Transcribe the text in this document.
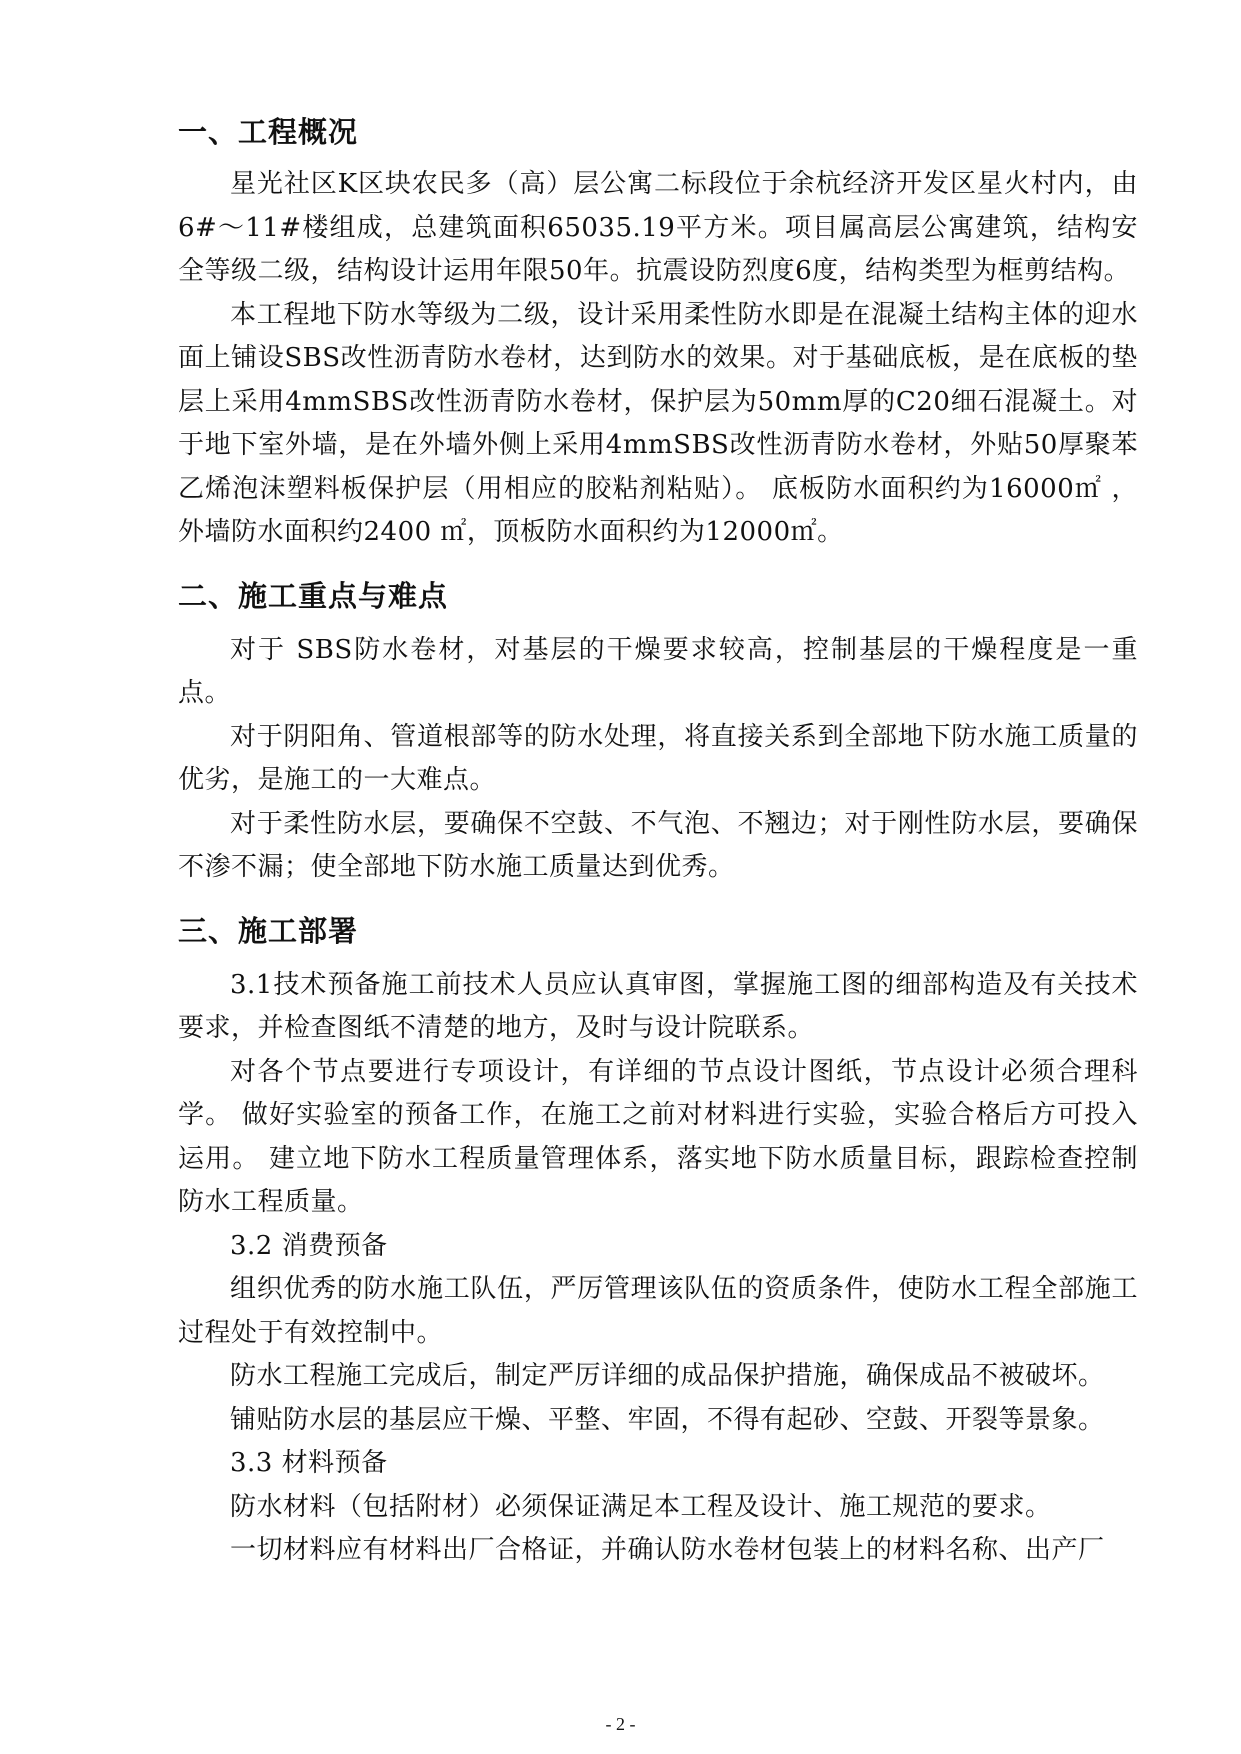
一、工程概况

星光社区K区块农民多（高）层公寓二标段位于余杭经济开发区星火村内，由6#～11#楼组成，总建筑面积65035.19平方米。项目属高层公寓建筑，结构安全等级二级，结构设计运用年限50年。抗震设防烈度6度，结构类型为框剪结构。

本工程地下防水等级为二级，设计采用柔性防水即是在混凝土结构主体的迎水面上铺设SBS改性沥青防水卷材，达到防水的效果。对于基础底板，是在底板的垫层上采用4mmSBS改性沥青防水卷材，保护层为50mm厚的C20细石混凝土。对于地下室外墙，是在外墙外侧上采用4mmSBS改性沥青防水卷材，外贴50厚聚苯乙烯泡沫塑料板保护层（用相应的胶粘剂粘贴）。 底板防水面积约为16000㎡ ，外墙防水面积约2400 ㎡，顶板防水面积约为12000㎡。

二、施工重点与难点

对于 SBS防水卷材，对基层的干燥要求较高，控制基层的干燥程度是一重点。

对于阴阳角、管道根部等的防水处理，将直接关系到全部地下防水施工质量的优劣，是施工的一大难点。

对于柔性防水层，要确保不空鼓、不气泡、不翘边；对于刚性防水层，要确保不渗不漏；使全部地下防水施工质量达到优秀。

三、施工部署

3.1技术预备施工前技术人员应认真审图，掌握施工图的细部构造及有关技术要求，并检查图纸不清楚的地方，及时与设计院联系。

对各个节点要进行专项设计，有详细的节点设计图纸，节点设计必须合理科学。 做好实验室的预备工作，在施工之前对材料进行实验，实验合格后方可投入运用。 建立地下防水工程质量管理体系，落实地下防水质量目标，跟踪检查控制防水工程质量。

3.2 消费预备

组织优秀的防水施工队伍，严厉管理该队伍的资质条件，使防水工程全部施工过程处于有效控制中。

防水工程施工完成后，制定严厉详细的成品保护措施，确保成品不被破坏。

铺贴防水层的基层应干燥、平整、牢固，不得有起砂、空鼓、开裂等景象。

3.3 材料预备

防水材料（包括附材）必须保证满足本工程及设计、施工规范的要求。

一切材料应有材料出厂合格证，并确认防水卷材包装上的材料名称、出产厂

- 2 -
